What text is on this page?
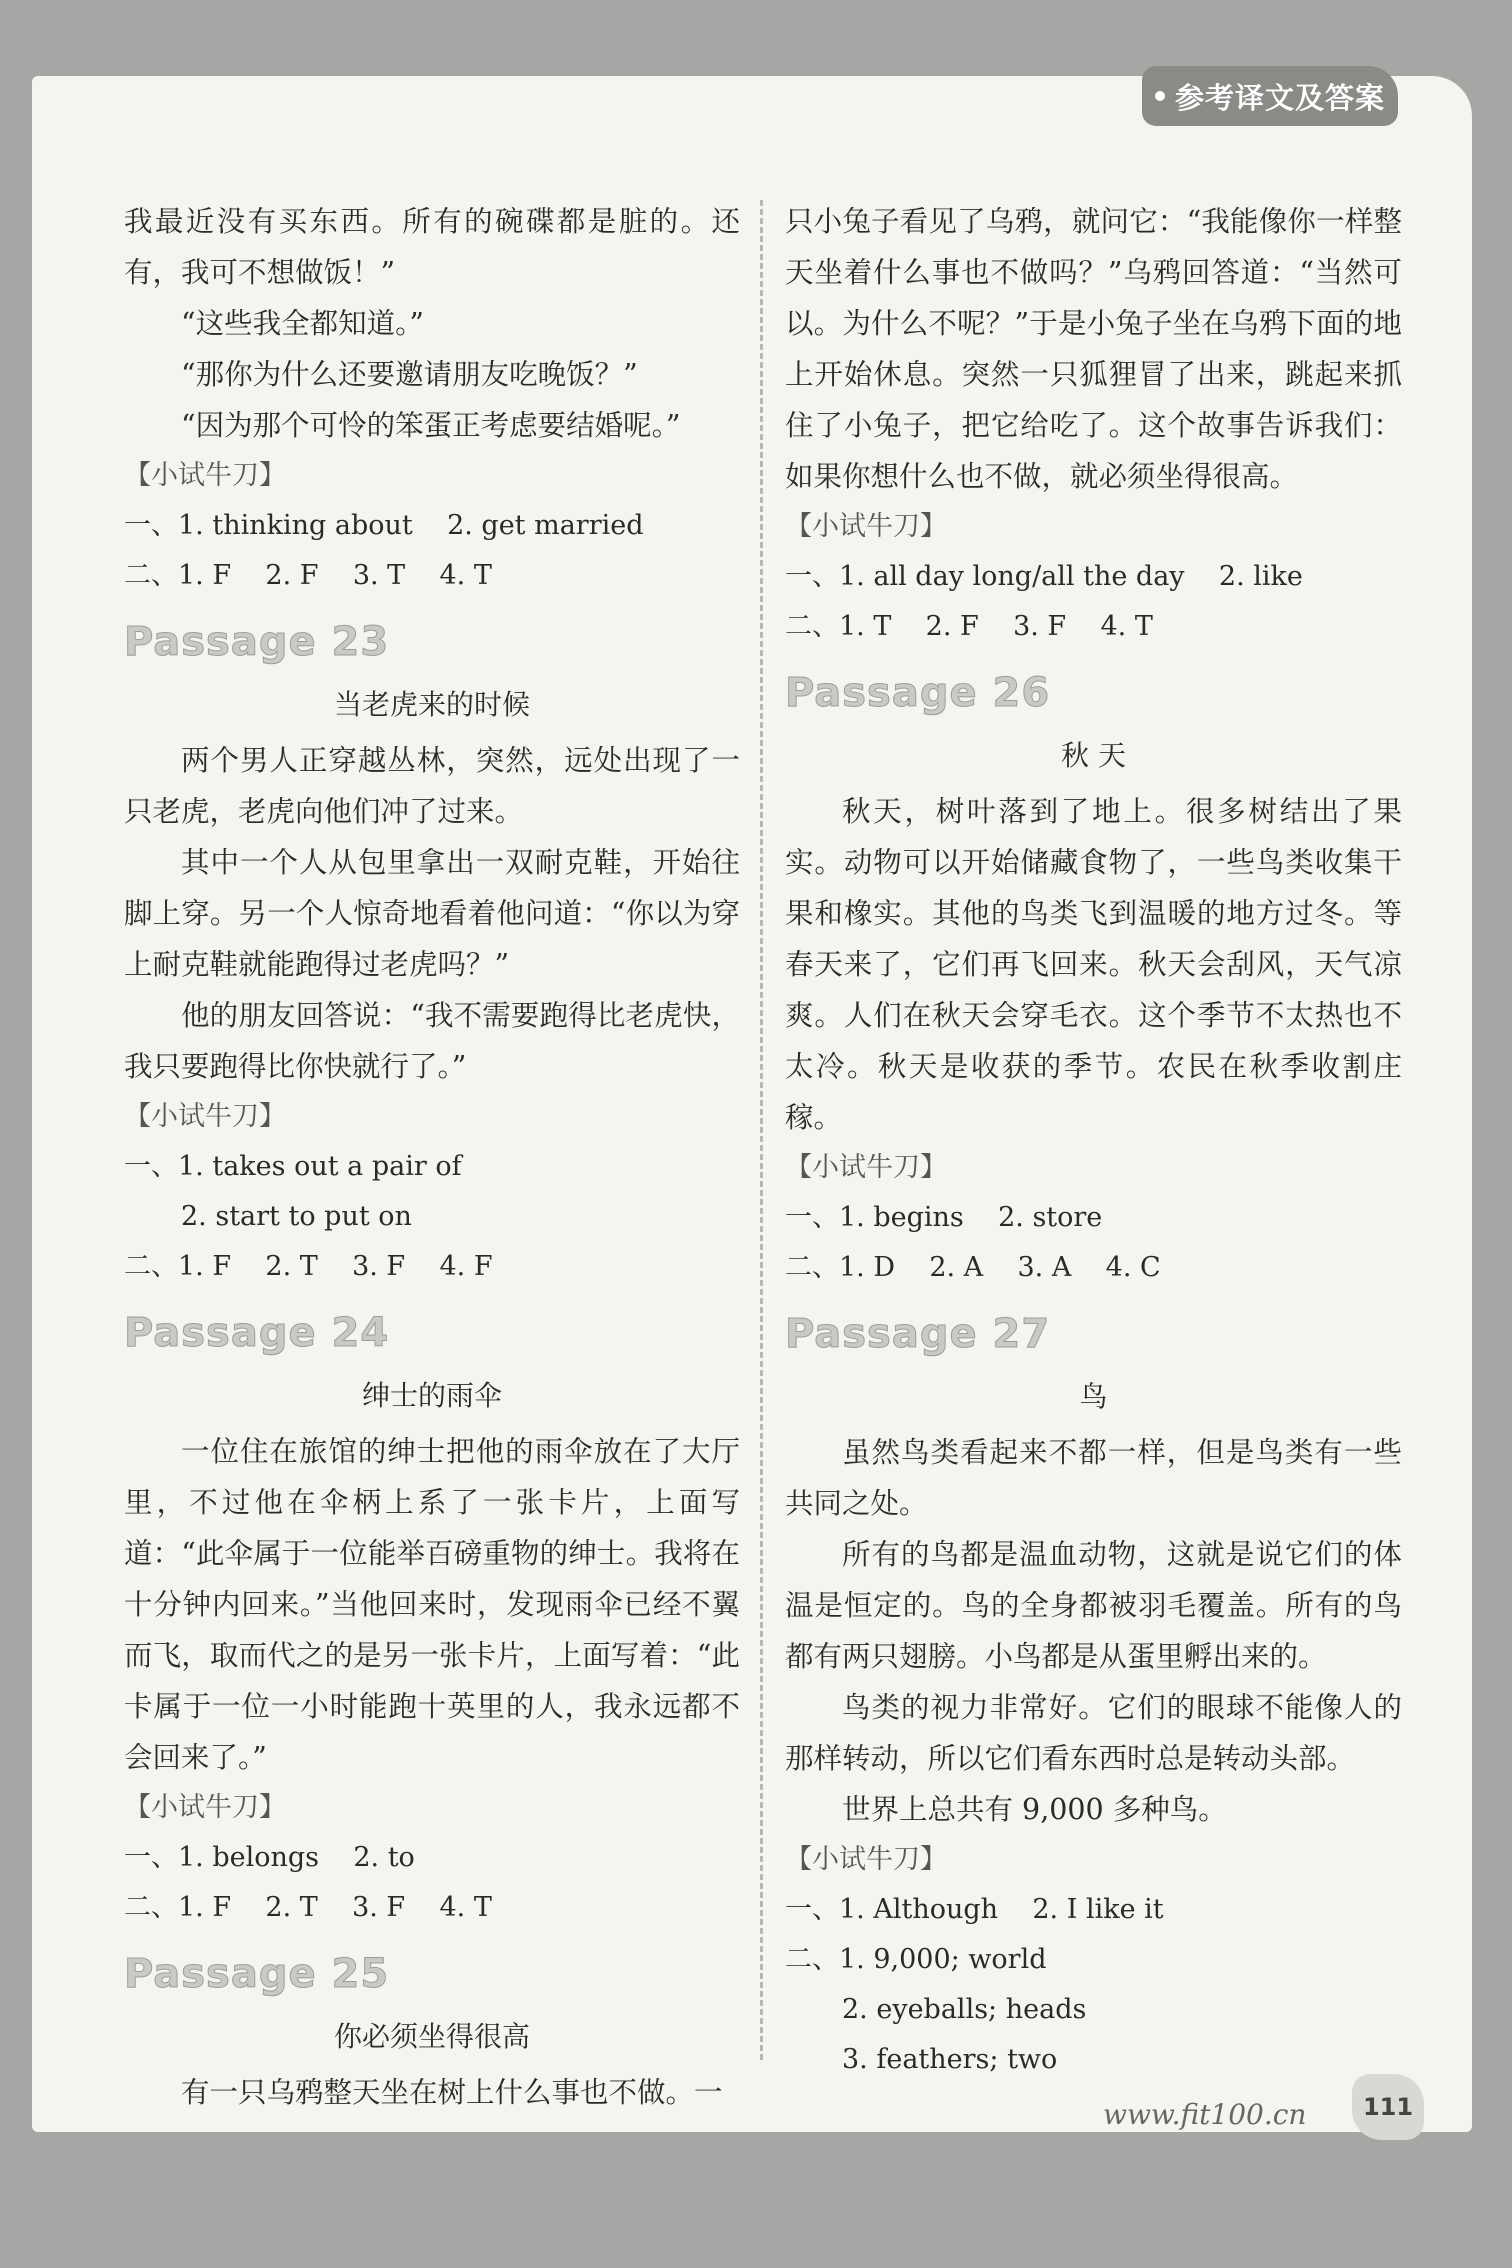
参考译文及答案

我最近没有买东西。所有的碗碟都是脏的。还有，我可不想做饭！”

“这些我全都知道。”

“那你为什么还要邀请朋友吃晚饭？”

“因为那个可怜的笨蛋正考虑要结婚呢。”

【小试牛刀】
一、1. thinking about    2. get married
二、1. F    2. F    3. T    4. T
Passage 23
当老虎来的时候

两个男人正穿越丛林，突然，远处出现了一只老虎，老虎向他们冲了过来。

其中一个人从包里拿出一双耐克鞋，开始往脚上穿。另一个人惊奇地看着他问道：“你以为穿上耐克鞋就能跑得过老虎吗？”

他的朋友回答说：“我不需要跑得比老虎快，我只要跑得比你快就行了。”

【小试牛刀】
一、1. takes out a pair of
2. start to put on
二、1. F    2. T    3. F    4. F
Passage 24
绅士的雨伞

一位住在旅馆的绅士把他的雨伞放在了大厅里，不过他在伞柄上系了一张卡片，上面写道：“此伞属于一位能举百磅重物的绅士。我将在十分钟内回来。”当他回来时，发现雨伞已经不翼而飞，取而代之的是另一张卡片，上面写着：“此卡属于一位一小时能跑十英里的人，我永远都不会回来了。”

【小试牛刀】
一、1. belongs    2. to
二、1. F    2. T    3. F    4. T
Passage 25
你必须坐得很高

有一只乌鸦整天坐在树上什么事也不做。一

只小兔子看见了乌鸦，就问它：“我能像你一样整天坐着什么事也不做吗？”乌鸦回答道：“当然可以。为什么不呢？”于是小兔子坐在乌鸦下面的地上开始休息。突然一只狐狸冒了出来，跳起来抓住了小兔子，把它给吃了。这个故事告诉我们：如果你想什么也不做，就必须坐得很高。

【小试牛刀】
一、1. all day long/all the day    2. like
二、1. T    2. F    3. F    4. T
Passage 26
秋 天

秋天，树叶落到了地上。很多树结出了果实。动物可以开始储藏食物了，一些鸟类收集干果和橡实。其他的鸟类飞到温暖的地方过冬。等春天来了，它们再飞回来。秋天会刮风，天气凉爽。人们在秋天会穿毛衣。这个季节不太热也不太冷。秋天是收获的季节。农民在秋季收割庄稼。

【小试牛刀】
一、1. begins    2. store
二、1. D    2. A    3. A    4. C
Passage 27
鸟

虽然鸟类看起来不都一样，但是鸟类有一些共同之处。

所有的鸟都是温血动物，这就是说它们的体温是恒定的。鸟的全身都被羽毛覆盖。所有的鸟都有两只翅膀。小鸟都是从蛋里孵出来的。

鸟类的视力非常好。它们的眼球不能像人的那样转动，所以它们看东西时总是转动头部。

世界上总共有 9,000 多种鸟。

【小试牛刀】
一、1. Although    2. I like it
二、1. 9,000; world
2. eyeballs; heads
3. feathers; two
www.fit100.cn	111
